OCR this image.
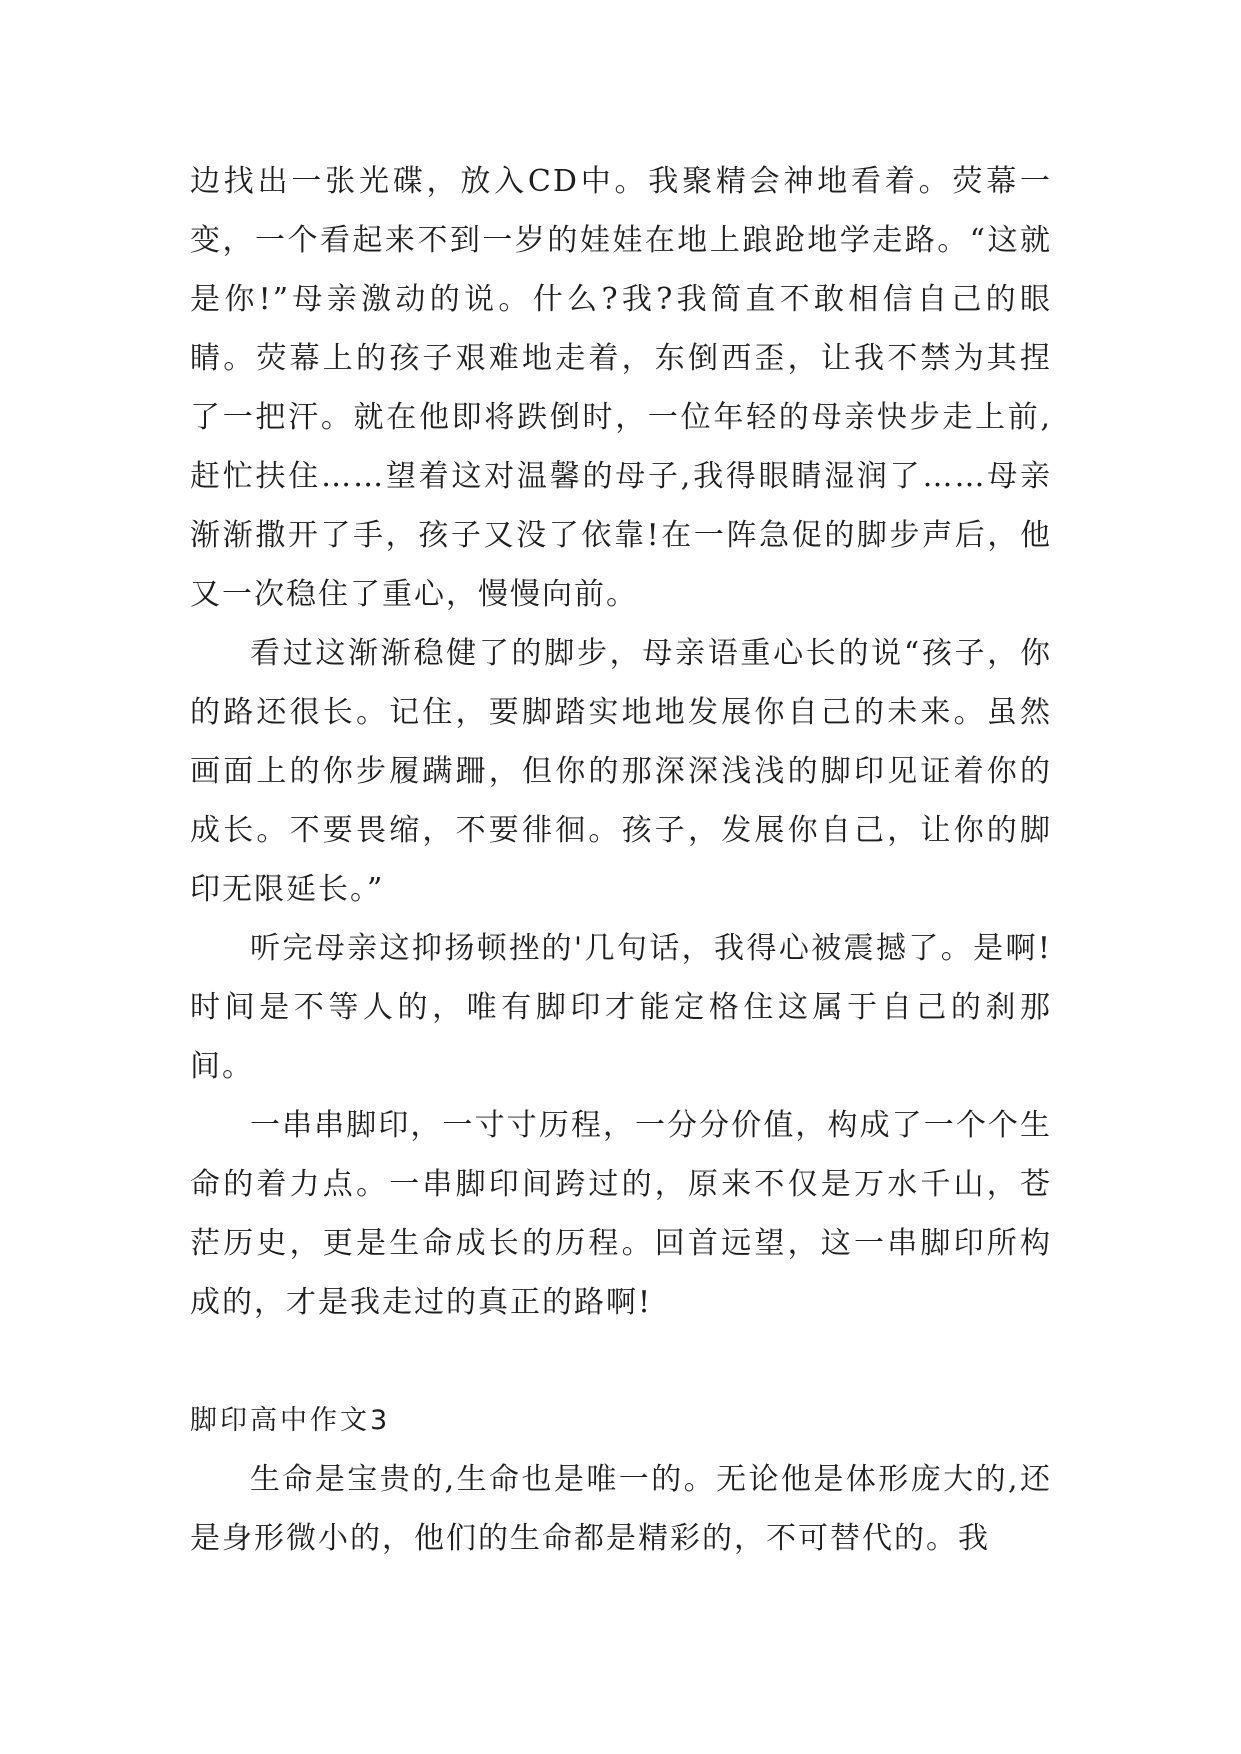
边找出一张光碟，放入CD中。我聚精会神地看着。荧幕一变，一个看起来不到一岁的娃娃在地上踉跄地学走路。“这就是你!”母亲激动的说。什么?我?我简直不敢相信自己的眼睛。荧幕上的孩子艰难地走着，东倒西歪，让我不禁为其捏了一把汗。就在他即将跌倒时，一位年轻的母亲快步走上前,赶忙扶住……望着这对温馨的母子,我得眼睛湿润了……母亲渐渐撒开了手，孩子又没了依靠!在一阵急促的脚步声后，他又一次稳住了重心，慢慢向前。

看过这渐渐稳健了的脚步，母亲语重心长的说“孩子，你的路还很长。记住，要脚踏实地地发展你自己的未来。虽然画面上的你步履蹒跚，但你的那深深浅浅的脚印见证着你的成长。不要畏缩，不要徘徊。孩子，发展你自己，让你的脚印无限延长。”

听完母亲这抑扬顿挫的'几句话，我得心被震撼了。是啊!时间是不等人的，唯有脚印才能定格住这属于自己的刹那间。

一串串脚印，一寸寸历程，一分分价值，构成了一个个生命的着力点。一串脚印间跨过的，原来不仅是万水千山，苍茫历史，更是生命成长的历程。回首远望，这一串脚印所构成的，才是我走过的真正的路啊!

脚印高中作文3

生命是宝贵的,生命也是唯一的。无论他是体形庞大的,还是身形微小的，他们的生命都是精彩的，不可替代的。我
